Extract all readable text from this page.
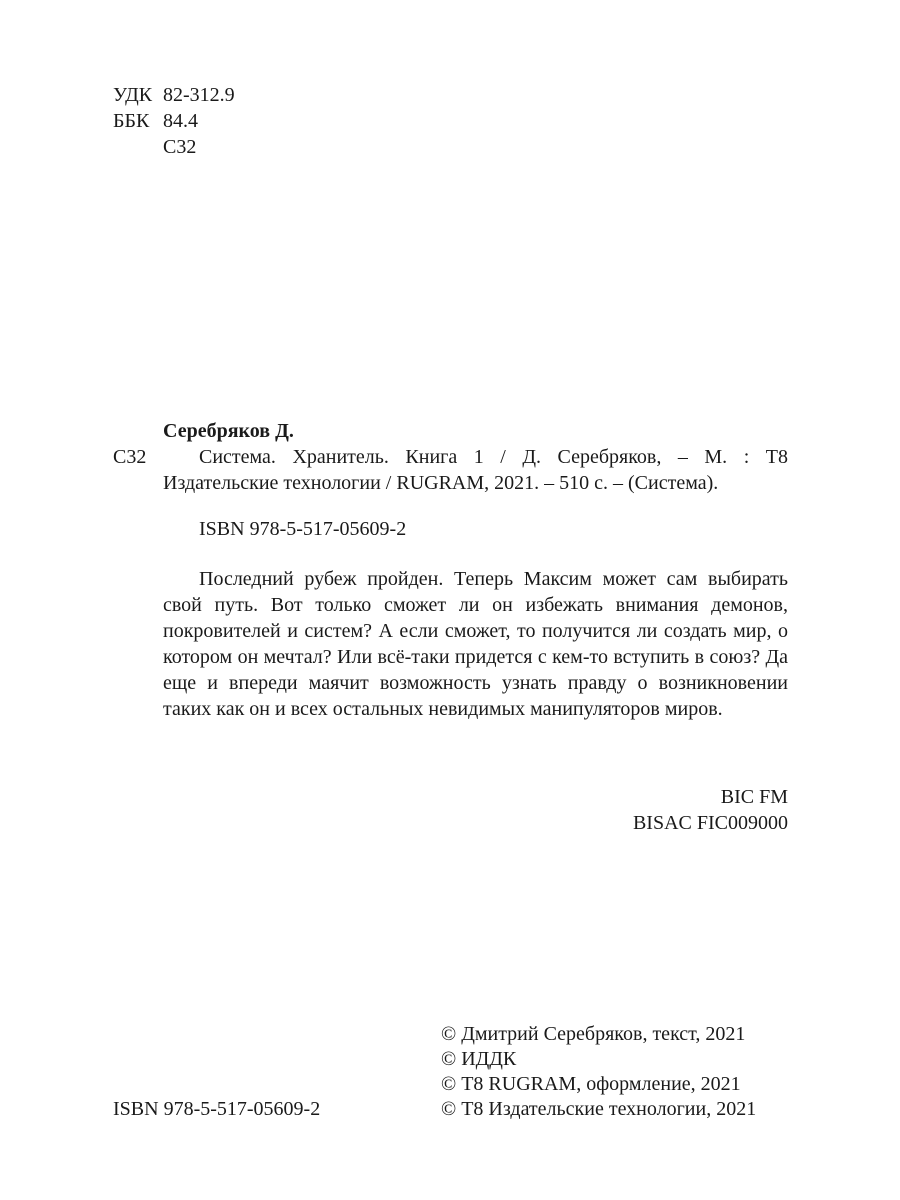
УДК 82-312.9
ББК 84.4
С32
С32
Серебряков Д.
Система. Хранитель. Книга 1 / Д. Серебряков, – М. : Т8 Издательские технологии / RUGRAM, 2021. – 510 с. – (Система).
ISBN 978-5-517-05609-2
Последний рубеж пройден. Теперь Максим может сам выбирать свой путь. Вот только сможет ли он избежать внимания демонов, покровителей и систем? А если сможет, то получится ли создать мир, о котором он мечтал? Или всё-таки придется с кем-то вступить в союз? Да еще и впереди маячит возможность узнать правду о возникновении таких как он и всех остальных невидимых манипуляторов миров.
BIC FM
BISAC FIC009000
ISBN 978-5-517-05609-2
© Дмитрий Серебряков, текст, 2021
© ИДДК
© Т8 RUGRAM, оформление, 2021
© Т8 Издательские технологии, 2021
